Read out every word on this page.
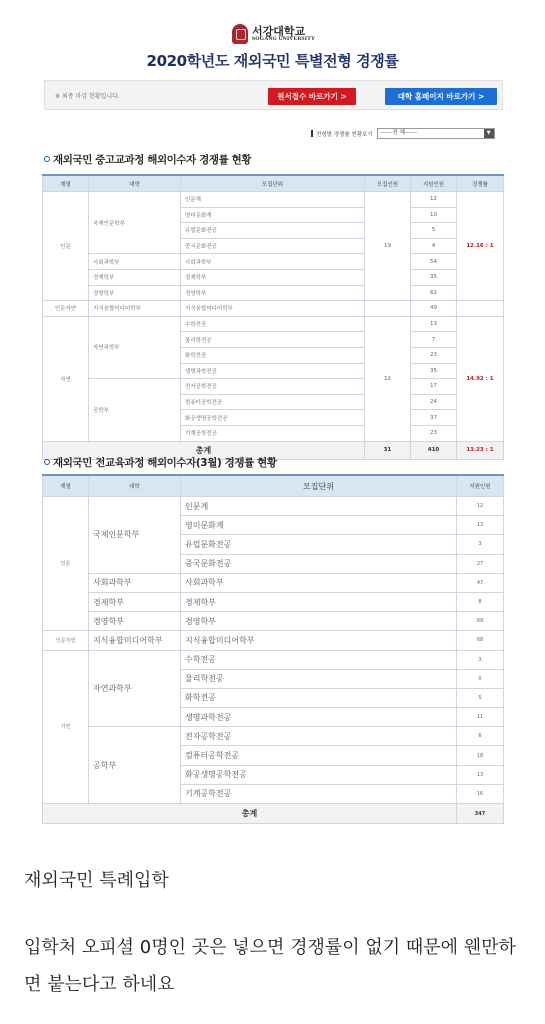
서강대학교
SOGANG UNIVERSITY
2020학년도 재외국민 특별전형 경쟁률
※ 최종 마감 현황입니다.	원서접수 바로가기 >	대학 홈페이지 바로가기 >
전형별 경쟁률 현황보기	------전 체------	▼
재외국민 중고교과정 해외이수자 경쟁률 현황
계열	대학	모집단위	모집인원	지원인원	경쟁률
인문	국제인문학부	인문계	19	12	12.16 : 1
		영미문화계		10	
		유럽문화전공		5	
		중국문화전공		4	
	사회과학부	사회과학부		54	
	경제학부	경제학부		35	
	경영학부	경영학부		62	
인문자연	지식융합미디어학부	지식융합미디어학부		49	
자연	자연과학부	수학전공	12	13	14.92 : 1
		물리학전공		7	
		화학전공		23	
		생명과학전공		35	
	공학부	전자공학전공		17	
		컴퓨터공학전공		24	
		화공생명공학전공		37	
		기계공학전공		23	
총계			31	410	13.23 : 1
재외국민 전교육과정 해외이수자(3월) 경쟁률 현황
계열	대학	모집단위	지원인원
인문	국제인문학부	인문계	12
		영미문화계	13
		유럽문화전공	3
		중국문화전공	27
	사회과학부	사회과학부	47
	경제학부	경제학부	8
	경영학부	경영학부	69
인문자연	지식융합미디어학부	지식융합미디어학부	68
자연	자연과학부	수학전공	3
		물리학전공	0
		화학전공	5
		생명과학전공	11
	공학부	전자공학전공	6
		컴퓨터공학전공	18
		화공생명공학전공	13
		기계공학전공	16
총계			347
재외국민 특례입학
입학처 오피셜 0명인 곳은 넣으면 경쟁률이 없기 때문에 웬만하면 붙는다고 하네요
